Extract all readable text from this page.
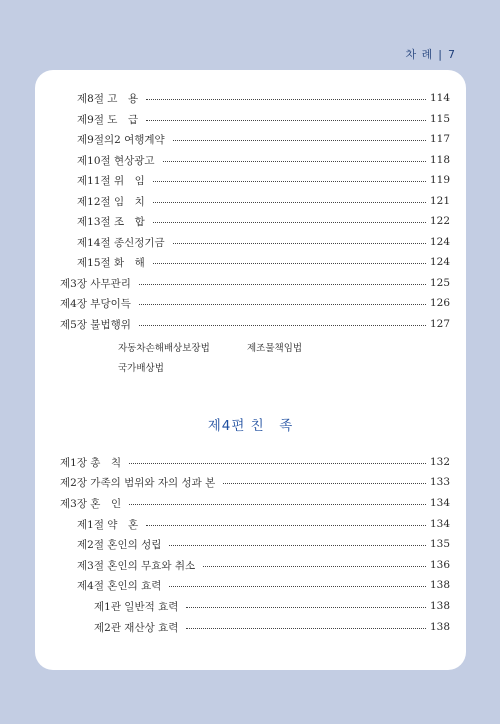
차 례 | 7
제8절 고　용	114
제9절 도　급	115
제9절의2 여행계약	117
제10절 현상광고	118
제11절 위　임	119
제12절 임　치	121
제13절 조　합	122
제14절 종신정기금	124
제15절 화　해	124
제3장 사무관리	125
제4장 부당이득	126
제5장 불법행위	127
자동차손해배상보장법	제조물책임법
국가배상법
제4편 친　족
제1장 총　칙	132
제2장 가족의 범위와 자의 성과 본	133
제3장 혼　인	134
제1절 약　혼	134
제2절 혼인의 성립	135
제3절 혼인의 무효와 취소	136
제4절 혼인의 효력	138
제1관 일반적 효력	138
제2관 재산상 효력	138
